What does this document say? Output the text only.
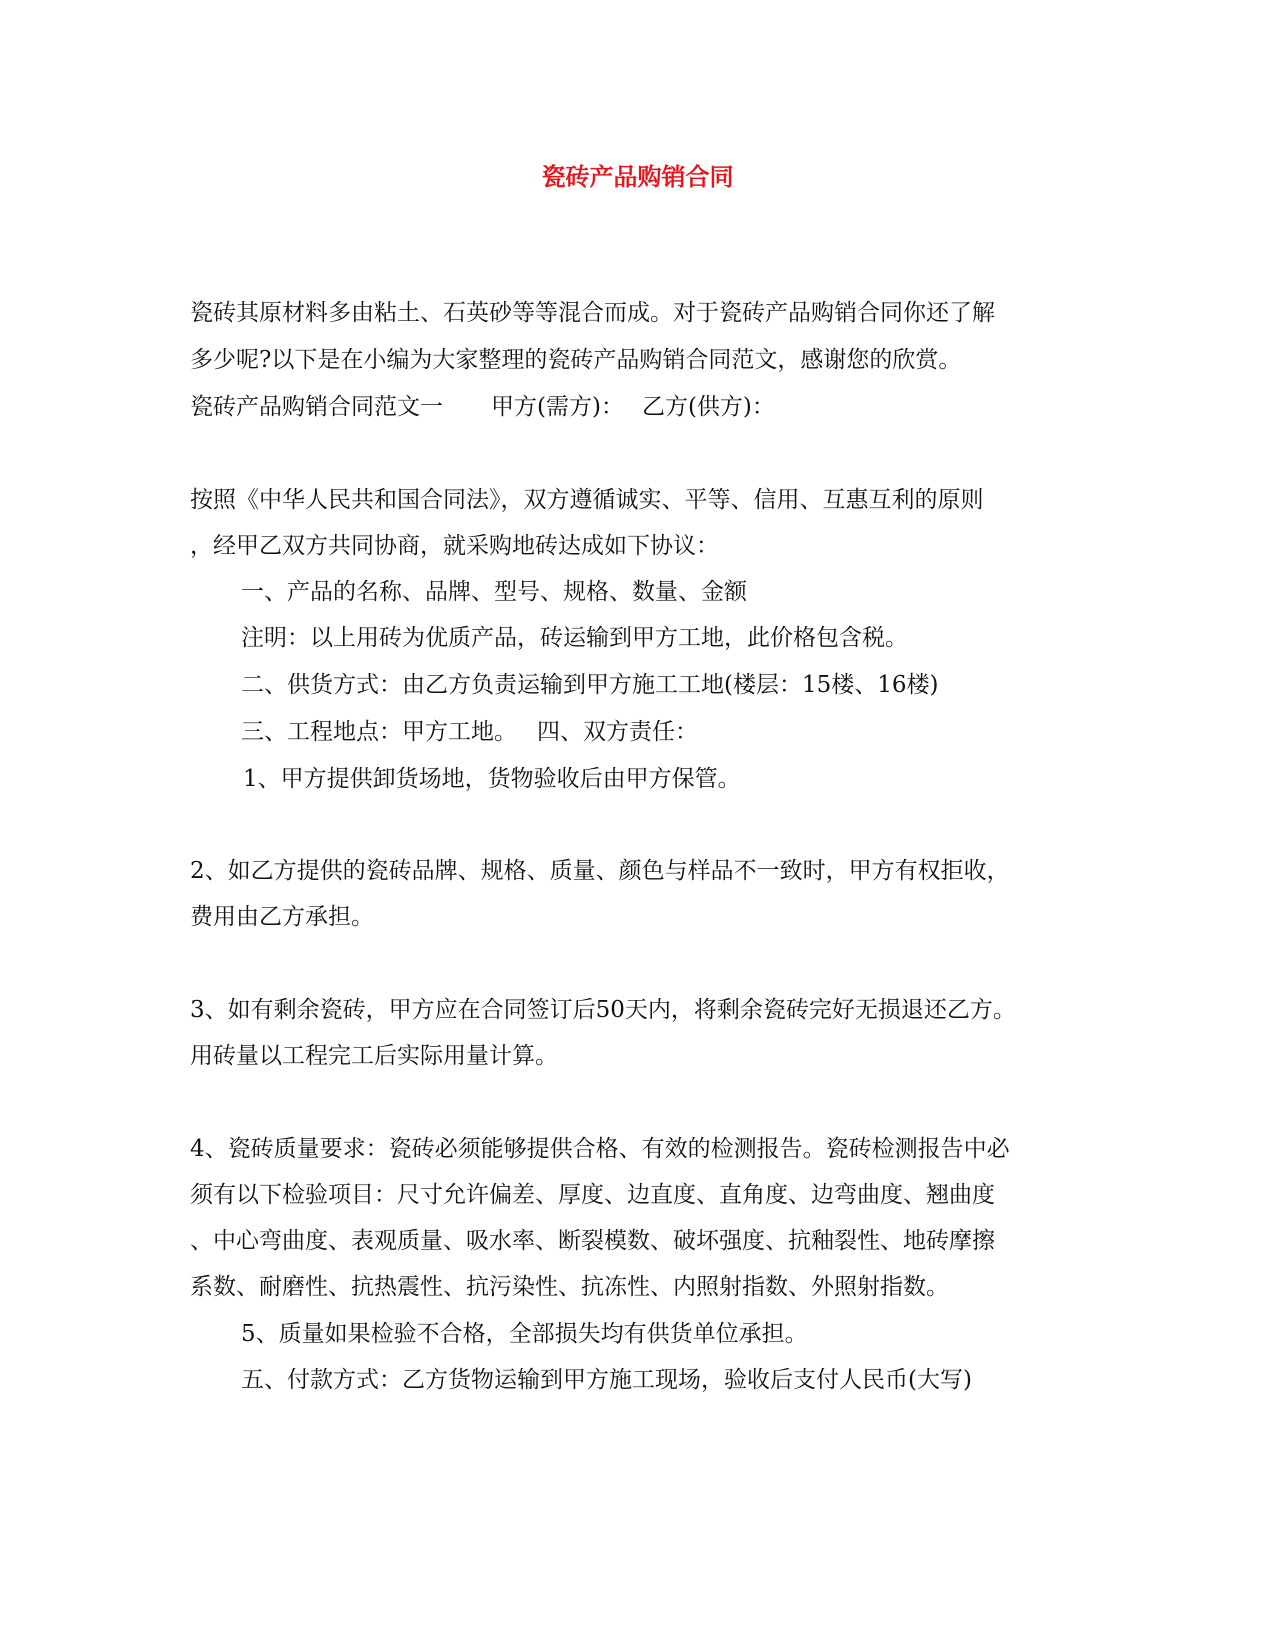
瓷砖产品购销合同
瓷砖其原材料多由粘土、石英砂等等混合而成。对于瓷砖产品购销合同你还了解
多少呢?以下是在小编为大家整理的瓷砖产品购销合同范文，感谢您的欣赏。
瓷砖产品购销合同范文一 甲方(需方)： 乙方(供方)：
按照《中华人民共和国合同法》，双方遵循诚实、平等、信用、互惠互利的原则
，经甲乙双方共同协商，就采购地砖达成如下协议：
一、产品的名称、品牌、型号、规格、数量、金额
注明：以上用砖为优质产品，砖运输到甲方工地，此价格包含税。
二、供货方式：由乙方负责运输到甲方施工工地(楼层：15楼、16楼)
三、工程地点：甲方工地。 四、双方责任：
1、甲方提供卸货场地，货物验收后由甲方保管。
2、如乙方提供的瓷砖品牌、规格、质量、颜色与样品不一致时，甲方有权拒收，
费用由乙方承担。
3、如有剩余瓷砖，甲方应在合同签订后50天内，将剩余瓷砖完好无损退还乙方。
用砖量以工程完工后实际用量计算。
4、瓷砖质量要求：瓷砖必须能够提供合格、有效的检测报告。瓷砖检测报告中必
须有以下检验项目：尺寸允许偏差、厚度、边直度、直角度、边弯曲度、翘曲度
、中心弯曲度、表观质量、吸水率、断裂模数、破坏强度、抗釉裂性、地砖摩擦
系数、耐磨性、抗热震性、抗污染性、抗冻性、内照射指数、外照射指数。
5、质量如果检验不合格，全部损失均有供货单位承担。
五、付款方式：乙方货物运输到甲方施工现场，验收后支付人民币(大写)
